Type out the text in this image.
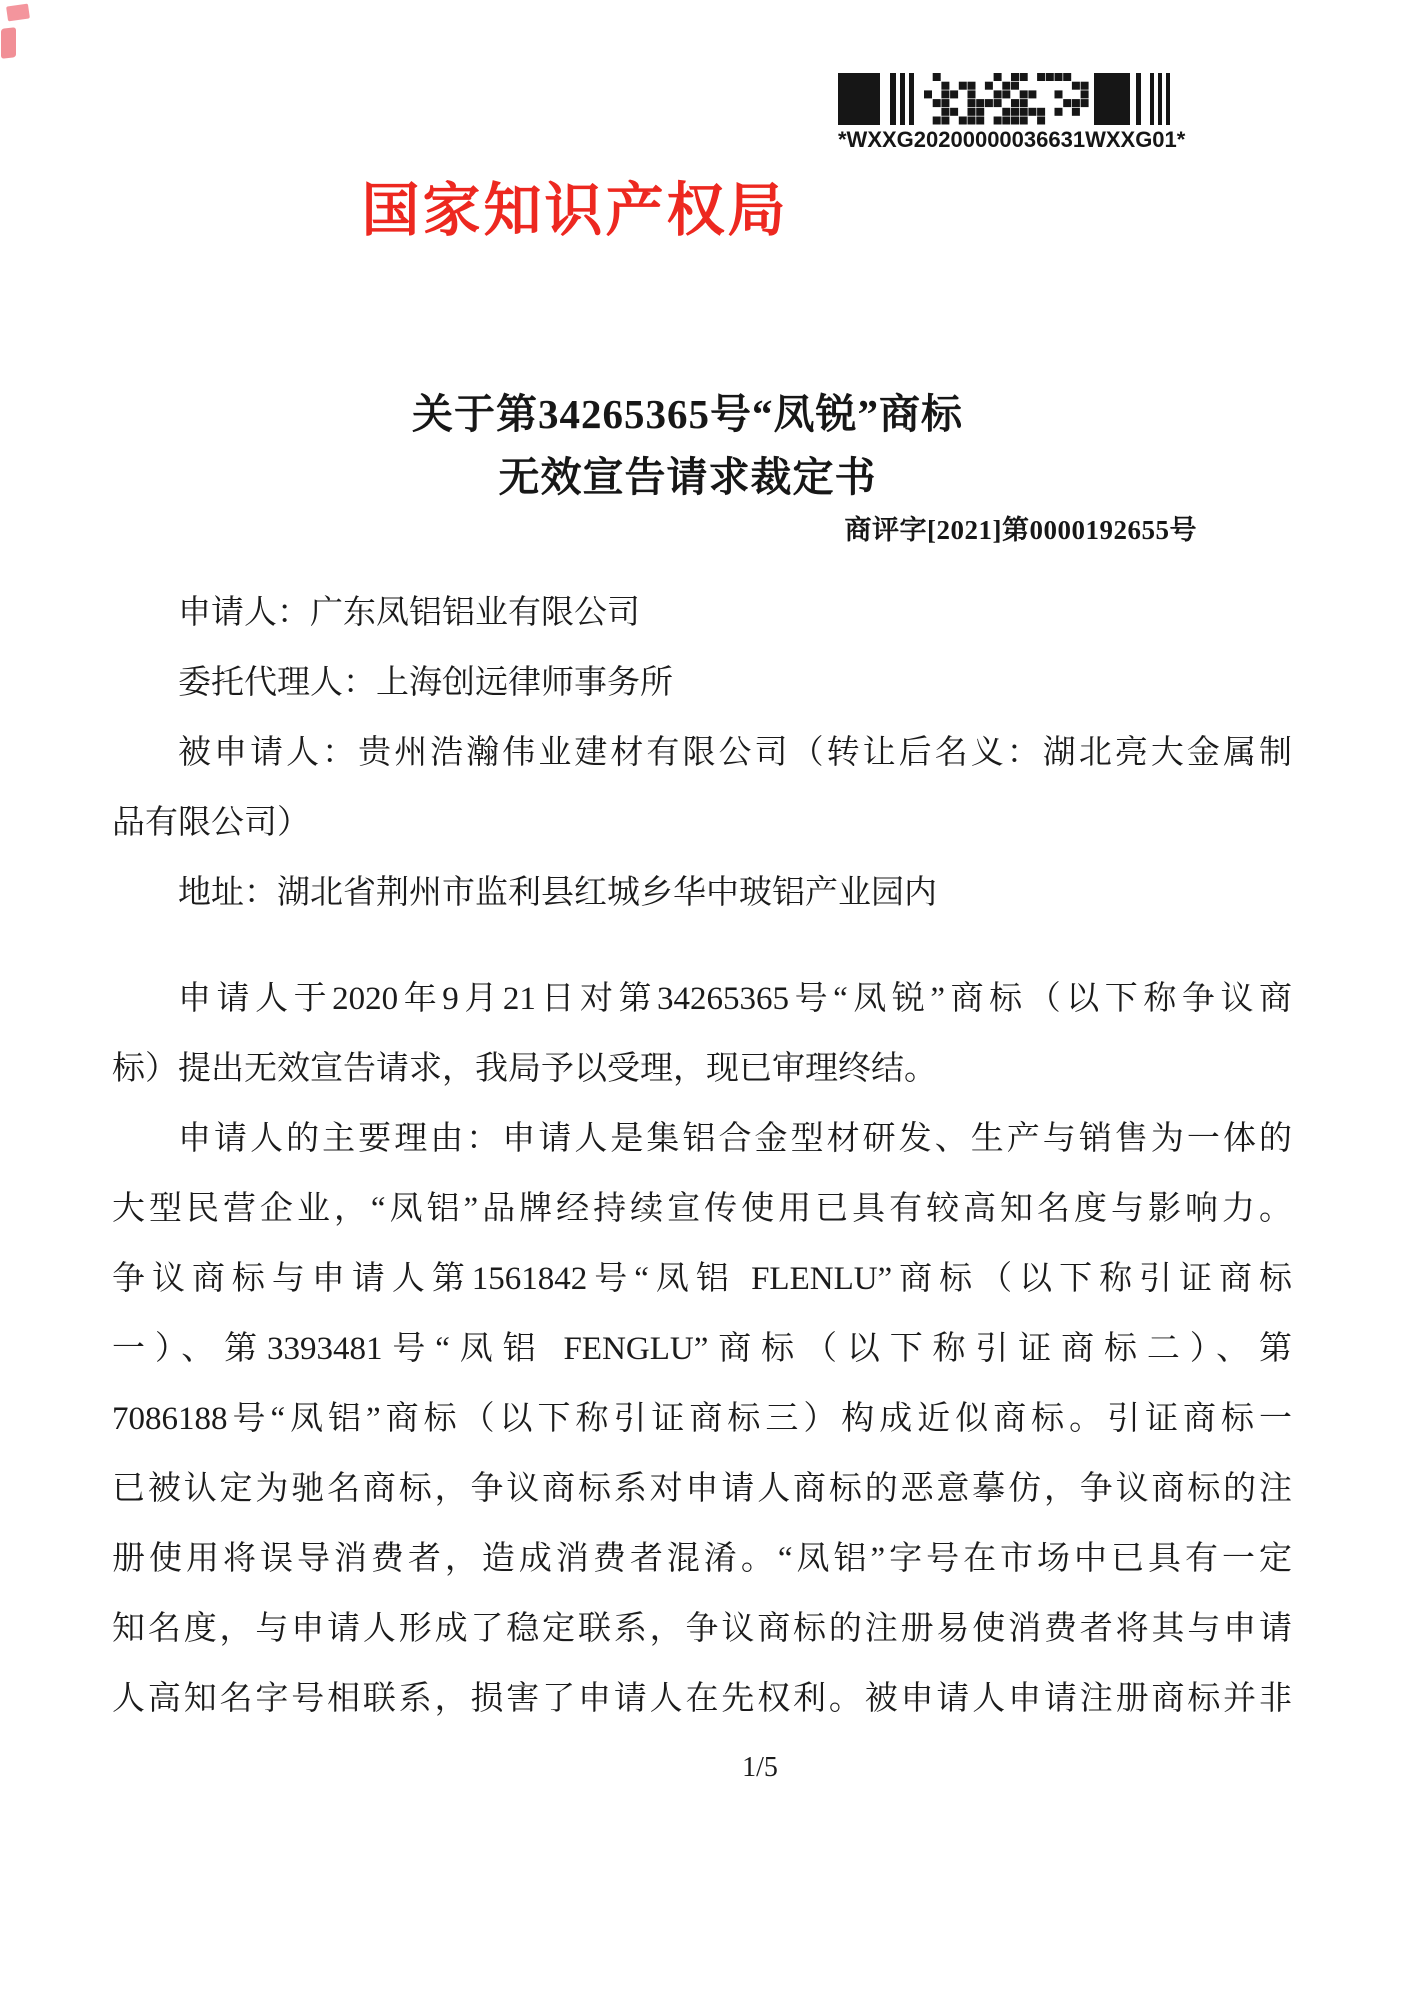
*WXXG20200000036631WXXG01*
国家知识产权局
关于第34265365号“凤锐”商标
无效宣告请求裁定书
商评字[2021]第0000192655号

申请人：广东凤铝铝业有限公司

委托代理人：上海创远律师事务所

被申请人：贵州浩瀚伟业建材有限公司（转让后名义：湖北亮大金属制

品有限公司）

地址：湖北省荆州市监利县红城乡华中玻铝产业园内

申请人于2020年9月21日对第34265365号“凤锐”商标（以下称争议商

标）提出无效宣告请求，我局予以受理，现已审理终结。

申请人的主要理由：申请人是集铝合金型材研发、生产与销售为一体的

大型民营企业，“凤铝”品牌经持续宣传使用已具有较高知名度与影响力。

争议商标与申请人第1561842号“凤铝 FLENLU”商标（以下称引证商标

一）、第3393481号“凤铝 FENGLU”商标（以下称引证商标二）、第

7086188号“凤铝”商标（以下称引证商标三）构成近似商标。引证商标一

已被认定为驰名商标，争议商标系对申请人商标的恶意摹仿，争议商标的注

册使用将误导消费者，造成消费者混淆。“凤铝”字号在市场中已具有一定

知名度，与申请人形成了稳定联系，争议商标的注册易使消费者将其与申请

人高知名字号相联系，损害了申请人在先权利。被申请人申请注册商标并非

1/5
